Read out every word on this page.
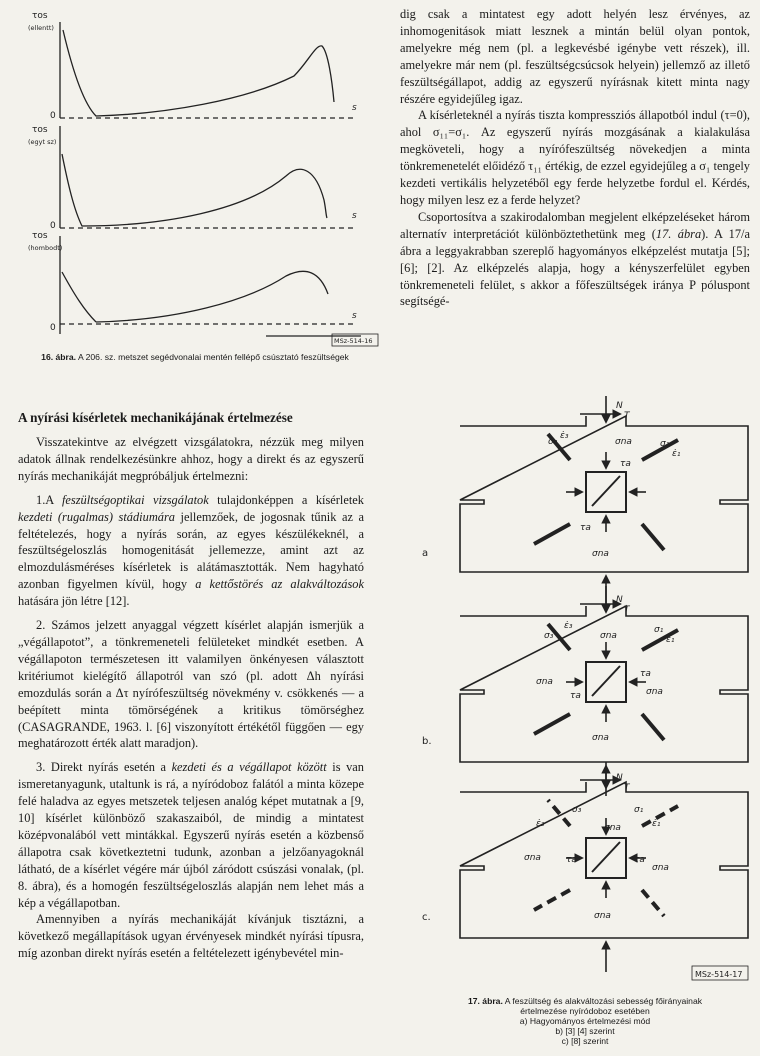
τos
(ellentt)
0
s
τos
(egyt sz)
0
s
τos
(hombodt)
0
s
MSz-514-16
16. ábra. A 206. sz. metszet segédvonalai mentén fellépő csúsztató feszültségek
A nyírási kísérletek mechanikájának értelmezése

Visszatekintve az elvégzett vizsgálatokra, nézzük meg milyen adatok állnak rendelkezésünkre ahhoz, hogy a direkt és az egyszerű nyírás mechanikáját megpróbáljuk értelmezni:

1.A feszültségoptikai vizsgálatok tulajdonképpen a kísérletek kezdeti (rugalmas) stádiumára jellemzőek, de jogosnak tűnik az a feltételezés, hogy a nyírás során, az egyes készülékeknél, a feszültségeloszlás homogenitását jellemezze, amint azt az elmozdulásméréses kísérletek is alátámasztották. Nem hagyható azonban figyelmen kívül, hogy a kettőstörés az alakváltozások hatására jön létre [12].

2. Számos jelzett anyaggal végzett kísérlet alapján ismerjük a „végállapotot”, a tönkremeneteli felületeket mindkét esetben. A végállapoton természetesen itt valamilyen önkényesen választott kritériumot kielégítő állapotról van szó (pl. adott Δh nyírási emozdulás során a Δτ nyírófeszültség növekmény v. csökkenés — a beépített minta tömörségének a kritikus tömörséghez (CASAGRANDE, 1963. l. [6] viszonyított értékétől függően — egy meghatározott érték alatt maradjon).

3. Direkt nyírás esetén a kezdeti és a végállapot között is van ismeretanyagunk, utaltunk is rá, a nyíródoboz falától a minta közepe felé haladva az egyes metszetek teljesen analóg képet mutatnak a [9, 10] kísérlet különböző szakaszaiból, de mindig a mintatest középvonalából vett mintákkal. Egyszerű nyírás esetén a közbenső állapotra csak következtetni tudunk, azonban a jelzőanyagoknál látható, de a kísérlet végére már újból záródott csúszási vonalak, (pl. 8. ábra), és a homogén feszültségeloszlás alapján nem lehet más a kép a végállapotban.

Amennyiben a nyírás mechanikáját kívánjuk tisztázni, a következő megállapítások ugyan érvényesek mindkét nyírási típusra, míg azonban direkt nyírás esetén a feltételezett igénybevétel min-

dig csak a mintatest egy adott helyén lesz érvényes, az inhomogenitások miatt lesznek a mintán belül olyan pontok, amelyekre még nem (pl. a legkevésbé igénybe vett részek), ill. amelyekre már nem (pl. feszültségcsúcsok helyein) jellemző az illető feszültségállapot, addig az egyszerű nyírásnak kitett minta nagy részére egyidejűleg igaz.

A kísérleteknél a nyírás tiszta kompressziós állapotból indul (τ=0), ahol σ₁₁=σ₁. Az egyszerű nyírás mozgásának a kialakulása megköveteli, hogy a nyírófeszültség növekedjen a minta tönkremenetelét előidéző τ₁₁ értékig, de ezzel egyidejűleg a σ₁ tengely kezdeti vertikális helyzetéből egy ferde helyzetbe fordul el. Kérdés, hogy milyen lesz ez a ferde helyzet?

Csoportosítva a szakirodalomban megjelent elképzeléseket három alternatív interpretációt különböztethetünk meg (17. ábra). A 17/a ábra a leggyakrabban szereplő hagyományos elképzelést mutatja [5]; [6]; [2]. Az elképzelés alapja, hogy a kényszerfelület egyben tönkremeneteli felület, s akkor a főfeszültségek iránya P póluspont segítségé-

a
b.
c.
N
T
σ₃
ε̇₃
σna	σ₁
ε̇₁
τa
τa
σna
N
T
ε̇₃
σ₃	σna
σ₁
ε̇₁
σna
τa
τa	σna
σna
N
T
σ₃
ε̇₃
σ₁
ε̇₁
σna
σna	τa	τa
σna
σna
MSz-514-17
17. ábra. A feszültség és alakváltozási sebesség főirányainak
értelmezése nyíródoboz esetében
a) Hagyományos értelmezési mód
b) [3] [4] szerint
c) [8] szerint
